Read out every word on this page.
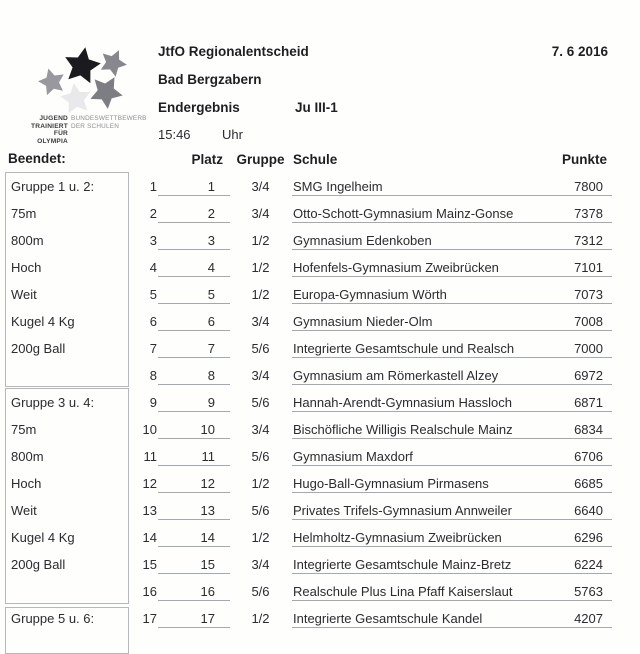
JUGEND
TRAINIERT
FÜR
OLYMPIA
BUNDESWETTBEWERB
DER SCHULEN
JtfO Regionalentscheid	7. 6 2016
Bad Bergzabern
Endergebnis	Ju III-1
15:46 Uhr
Beendet:
Gruppe 1 u. 2:
75m
800m
Hoch
Weit
Kugel 4 Kg
200g Ball
Gruppe 3 u. 4:
75m
800m
Hoch
Weit
Kugel 4 Kg
200g Ball
Gruppe 5 u. 6:
Platz Gruppe Schule	Punkte
1	1	3/4	SMG Ingelheim	7800
2	2	3/4	Otto-Schott-Gymnasium Mainz-Gonse	7378
3	3	1/2	Gymnasium Edenkoben	7312
4	4	1/2	Hofenfels-Gymnasium Zweibrücken	7101
5	5	1/2	Europa-Gymnasium Wörth	7073
6	6	3/4	Gymnasium Nieder-Olm	7008
7	7	5/6	Integrierte Gesamtschule und Realsch	7000
8	8	3/4	Gymnasium am Römerkastell Alzey	6972
9	9	5/6	Hannah-Arendt-Gymnasium Hassloch	6871
10	10	3/4	Bischöfliche Willigis Realschule Mainz	6834
11	11	5/6	Gymnasium Maxdorf	6706
12	12	1/2	Hugo-Ball-Gymnasium Pirmasens	6685
13	13	5/6	Privates Trifels-Gymnasium Annweiler	6640
14	14	1/2	Helmholtz-Gymnasium Zweibrücken	6296
15	15	3/4	Integrierte Gesamtschule Mainz-Bretz	6224
16	16	5/6	Realschule Plus Lina Pfaff Kaiserslaut	5763
17	17	1/2	Integrierte Gesamtschule Kandel	4207
